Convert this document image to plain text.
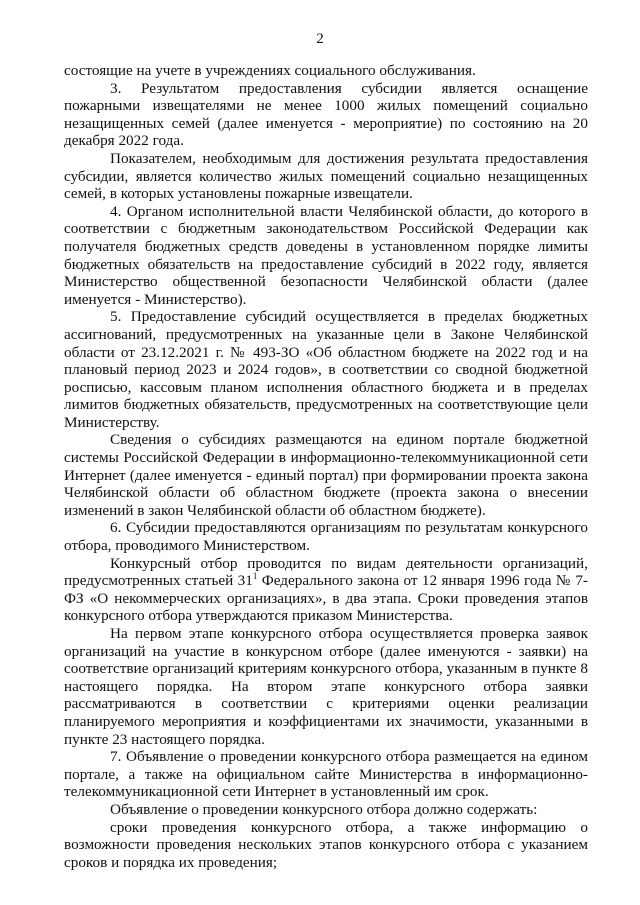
2

состоящие на учете в учреждениях социального обслуживания.

3. Результатом предоставления субсидии является оснащение пожарными извещателями не менее 1000 жилых помещений социально незащищенных семей (далее именуется - мероприятие) по состоянию на 20 декабря 2022 года.

Показателем, необходимым для достижения результата предоставления субсидии, является количество жилых помещений социально незащищенных семей, в которых установлены пожарные извещатели.

4. Органом исполнительной власти Челябинской области, до которого в соответствии с бюджетным законодательством Российской Федерации как получателя бюджетных средств доведены в установленном порядке лимиты бюджетных обязательств на предоставление субсидий в 2022 году, является Министерство общественной безопасности Челябинской области (далее именуется - Министерство).

5. Предоставление субсидий осуществляется в пределах бюджетных ассигнований, предусмотренных на указанные цели в Законе Челябинской области от 23.12.2021 г. № 493-ЗО «Об областном бюджете на 2022 год и на плановый период 2023 и 2024 годов», в соответствии со сводной бюджетной росписью, кассовым планом исполнения областного бюджета и в пределах лимитов бюджетных обязательств, предусмотренных на соответствующие цели Министерству.

Сведения о субсидиях размещаются на едином портале бюджетной системы Российской Федерации в информационно-телекоммуникационной сети Интернет (далее именуется - единый портал) при формировании проекта закона Челябинской области об областном бюджете (проекта закона о внесении изменений в закон Челябинской области об областном бюджете).

6. Субсидии предоставляются организациям по результатам конкурсного отбора, проводимого Министерством.

Конкурсный отбор проводится по видам деятельности организаций, предусмотренных статьей $31^1$ Федерального закона от 12 января 1996 года № 7-ФЗ «О некоммерческих организациях», в два этапа. Сроки проведения этапов конкурсного отбора утверждаются приказом Министерства.

На первом этапе конкурсного отбора осуществляется проверка заявок организаций на участие в конкурсном отборе (далее именуются - заявки) на соответствие организаций критериям конкурсного отбора, указанным в пункте 8 настоящего порядка. На втором этапе конкурсного отбора заявки рассматриваются в соответствии с критериями оценки реализации планируемого мероприятия и коэффициентами их значимости, указанными в пункте 23 настоящего порядка.

7. Объявление о проведении конкурсного отбора размещается на едином портале, а также на официальном сайте Министерства в информационно-телекоммуникационной сети Интернет в установленный им срок.

Объявление о проведении конкурсного отбора должно содержать:

сроки проведения конкурсного отбора, а также информацию о возможности проведения нескольких этапов конкурсного отбора с указанием сроков и порядка их проведения;
